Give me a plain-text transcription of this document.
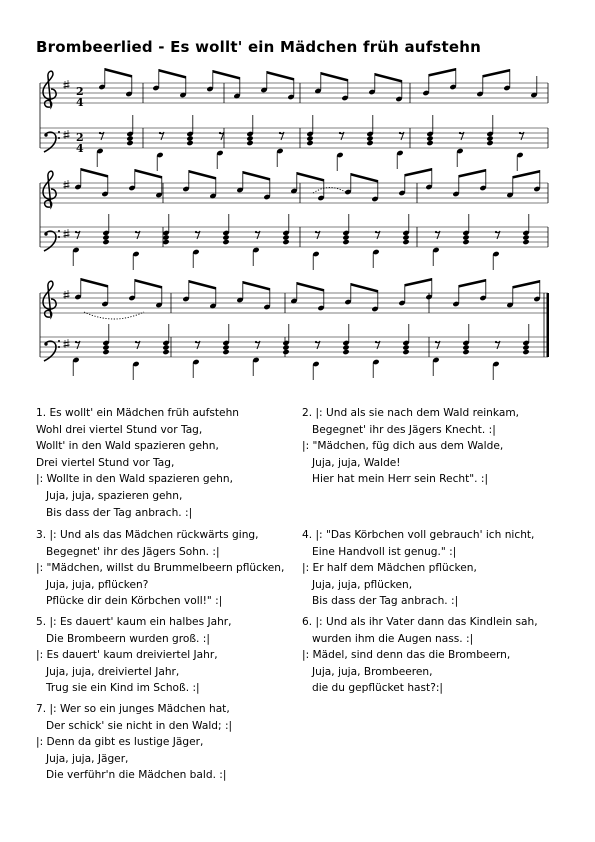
Brombeerlied - Es wollt' ein Mädchen früh aufstehn
2
4
2
4
1. Es wollt' ein Mädchen früh aufstehn
Wohl drei viertel Stund vor Tag,
Wollt' in den Wald spazieren gehn,
Drei viertel Stund vor Tag,
|: Wollte in den Wald spazieren gehn,
Juja, juja, spazieren gehn,
Bis dass der Tag anbrach. :|
2. |: Und als sie nach dem Wald reinkam,
Begegnet' ihr des Jägers Knecht. :|
|: "Mädchen, füg dich aus dem Walde,
Juja, juja, Walde!
Hier hat mein Herr sein Recht". :|
3. |: Und als das Mädchen rückwärts ging,
Begegnet' ihr des Jägers Sohn. :|
|: "Mädchen, willst du Brummelbeern pflücken,
Juja, juja, pflücken?
Pflücke dir dein Körbchen voll!" :|
4. |: "Das Körbchen voll gebrauch' ich nicht,
Eine Handvoll ist genug." :|
|: Er half dem Mädchen pflücken,
Juja, juja, pflücken,
Bis dass der Tag anbrach. :|
5. |: Es dauert' kaum ein halbes Jahr,
Die Brombeern wurden groß. :|
|: Es dauert' kaum dreiviertel Jahr,
Juja, juja, dreiviertel Jahr,
Trug sie ein Kind im Schoß. :|
6. |: Und als ihr Vater dann das Kindlein sah,
wurden ihm die Augen nass. :|
|: Mädel, sind denn das die Brombeern,
Juja, juja, Brombeeren,
die du gepflücket hast?:|
7. |: Wer so ein junges Mädchen hat,
Der schick' sie nicht in den Wald; :|
|: Denn da gibt es lustige Jäger,
Juja, juja, Jäger,
Die verführ'n die Mädchen bald. :|
